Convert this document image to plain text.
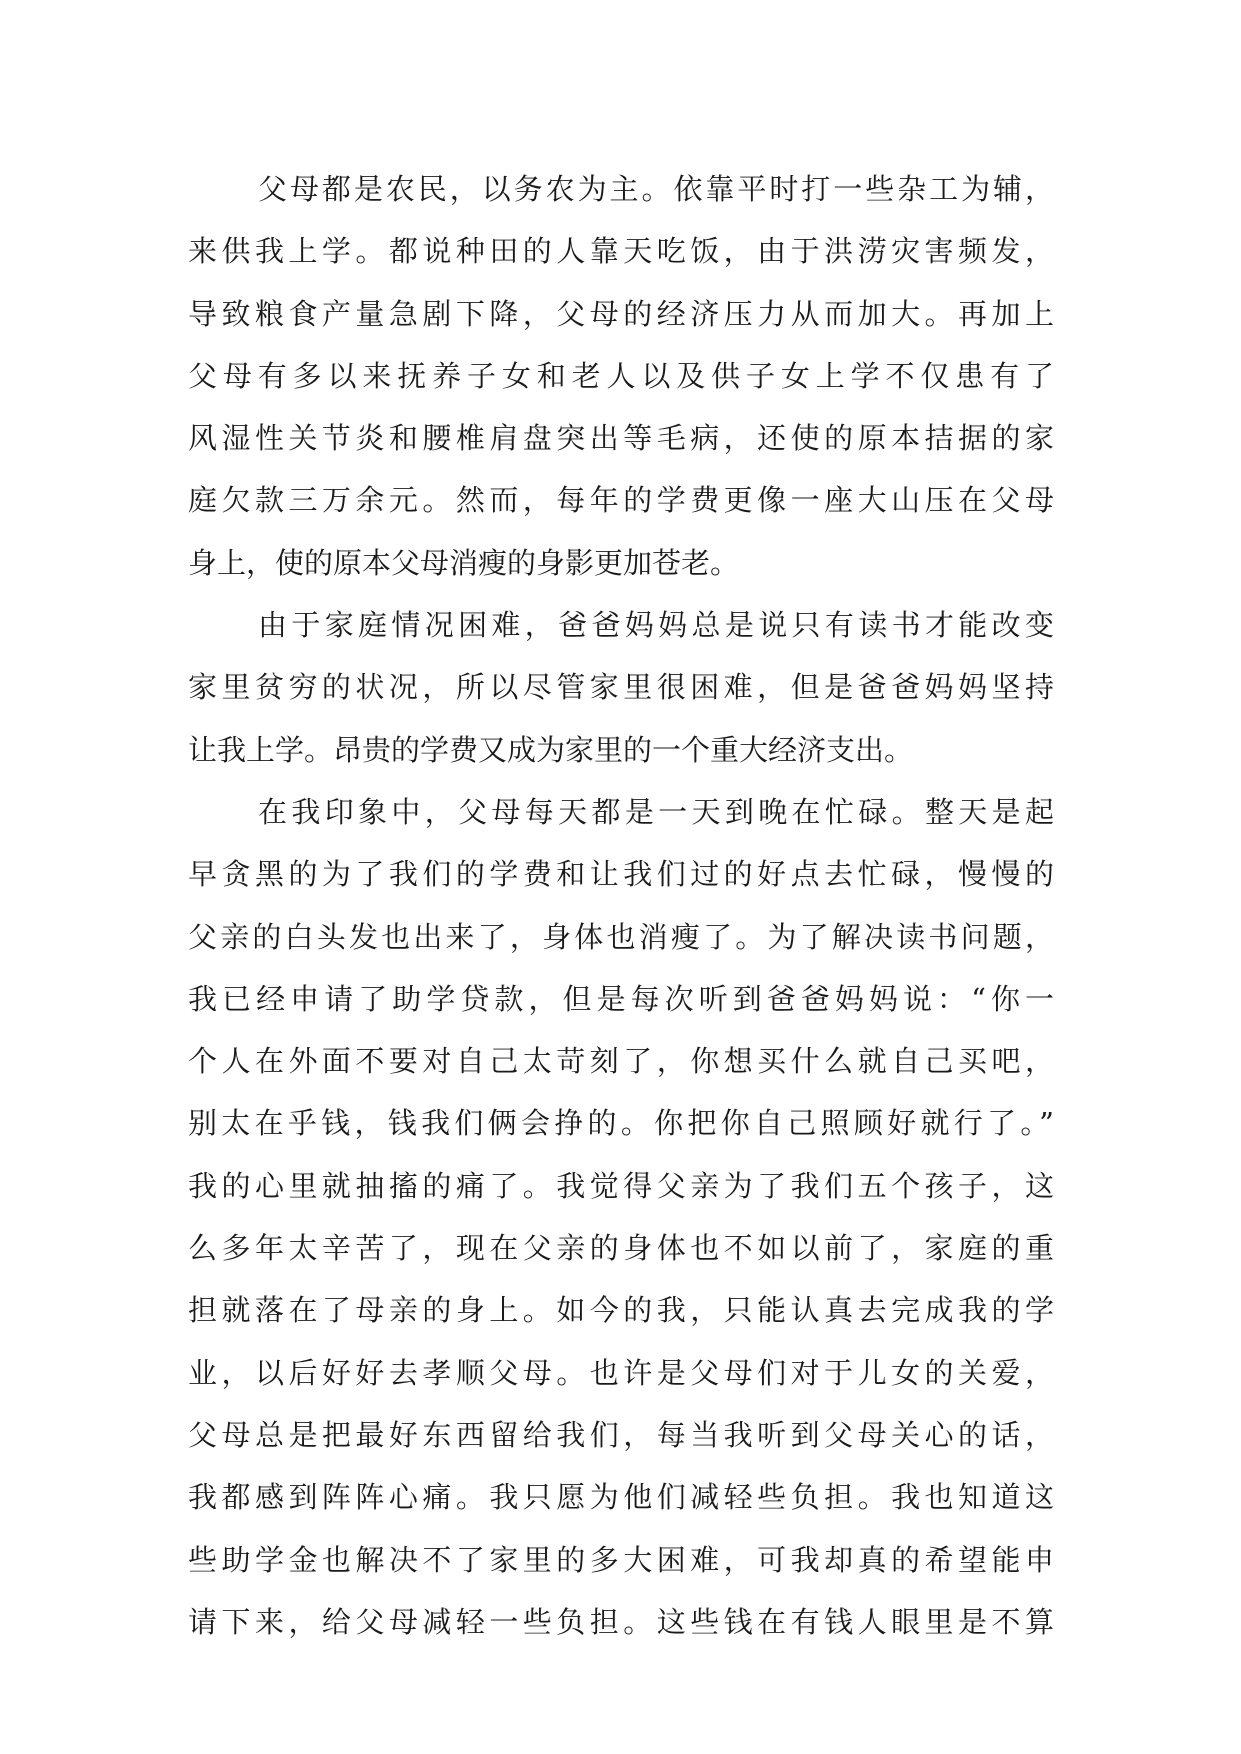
父母都是农民，以务农为主。依靠平时打一些杂工为辅，
来供我上学。都说种田的人靠天吃饭，由于洪涝灾害频发，
导致粮食产量急剧下降，父母的经济压力从而加大。再加上
父母有多以来抚养子女和老人以及供子女上学不仅患有了
风湿性关节炎和腰椎肩盘突出等毛病，还使的原本拮据的家
庭欠款三万余元。然而，每年的学费更像一座大山压在父母
身上，使的原本父母消瘦的身影更加苍老。
由于家庭情况困难，爸爸妈妈总是说只有读书才能改变
家里贫穷的状况，所以尽管家里很困难，但是爸爸妈妈坚持
让我上学。昂贵的学费又成为家里的一个重大经济支出。
在我印象中，父母每天都是一天到晚在忙碌。整天是起
早贪黑的为了我们的学费和让我们过的好点去忙碌，慢慢的
父亲的白头发也出来了，身体也消瘦了。为了解决读书问题，
我已经申请了助学贷款，但是每次听到爸爸妈妈说：“你一
个人在外面不要对自己太苛刻了，你想买什么就自己买吧，
别太在乎钱，钱我们俩会挣的。你把你自己照顾好就行了。”
我的心里就抽搐的痛了。我觉得父亲为了我们五个孩子，这
么多年太辛苦了，现在父亲的身体也不如以前了，家庭的重
担就落在了母亲的身上。如今的我，只能认真去完成我的学
业，以后好好去孝顺父母。也许是父母们对于儿女的关爱，
父母总是把最好东西留给我们，每当我听到父母关心的话，
我都感到阵阵心痛。我只愿为他们减轻些负担。我也知道这
些助学金也解决不了家里的多大困难，可我却真的希望能申
请下来，给父母减轻一些负担。这些钱在有钱人眼里是不算
